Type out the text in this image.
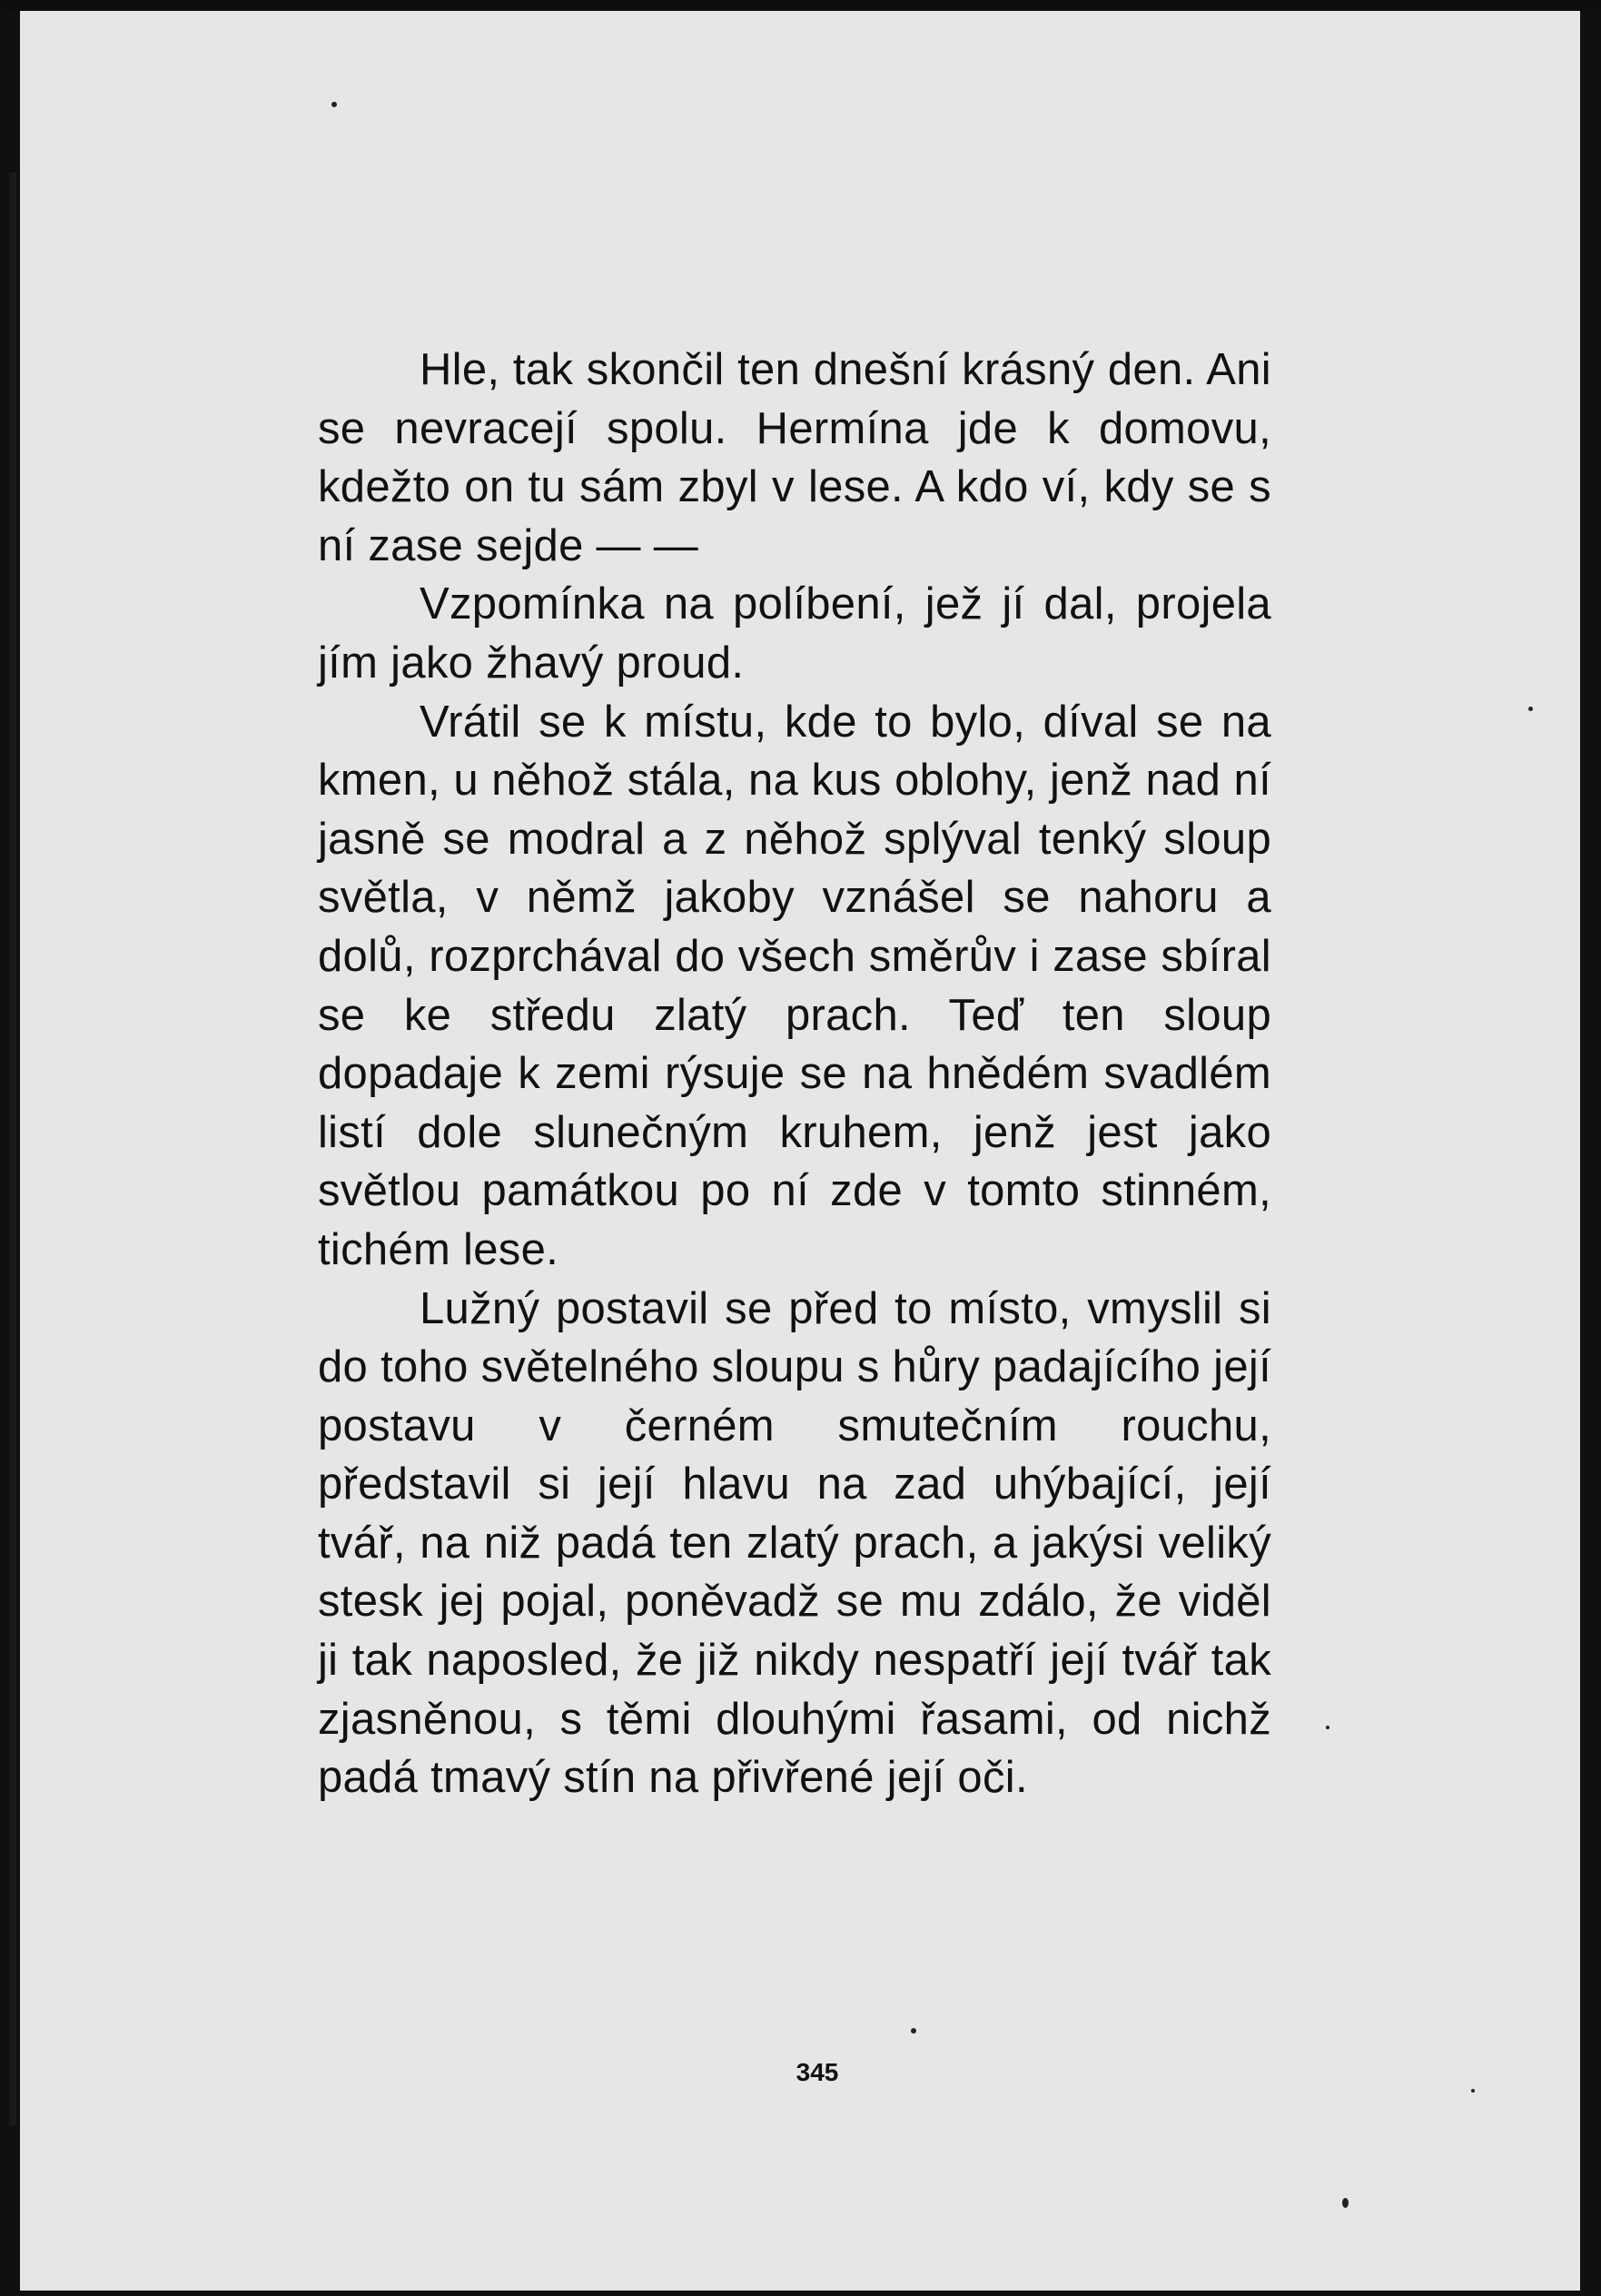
Hle, tak skončil ten dnešní krásný den. Ani se nevracejí spolu. Hermína jde k domovu, kdežto on tu sám zbyl v lese. A kdo ví, kdy se s ní zase sejde — —

Vzpomínka na políbení, jež jí dal, projela jím jako žhavý proud.

Vrátil se k místu, kde to bylo, díval se na kmen, u něhož stála, na kus oblohy, jenž nad ní jasně se modral a z něhož splýval tenký sloup světla, v němž jakoby vznášel se nahoru a dolů, rozprchával do všech směrův i zase sbíral se ke středu zlatý prach. Teď ten sloup dopadaje k zemi rýsuje se na hnědém svadlém listí dole slunečným kruhem, jenž jest jako světlou památkou po ní zde v tomto stinném, tichém lese.

Lužný postavil se před to místo, vmyslil si do toho světelného sloupu s hůry padajícího její postavu v černém smutečním rouchu, představil si její hlavu na zad uhýbající, její tvář, na niž padá ten zlatý prach, a jakýsi veliký stesk jej pojal, poněvadž se mu zdálo, že viděl ji tak naposled, že již nikdy nespatří její tvář tak zjasněnou, s těmi dlouhými řasami, od nichž padá tmavý stín na přivřené její oči.

345
